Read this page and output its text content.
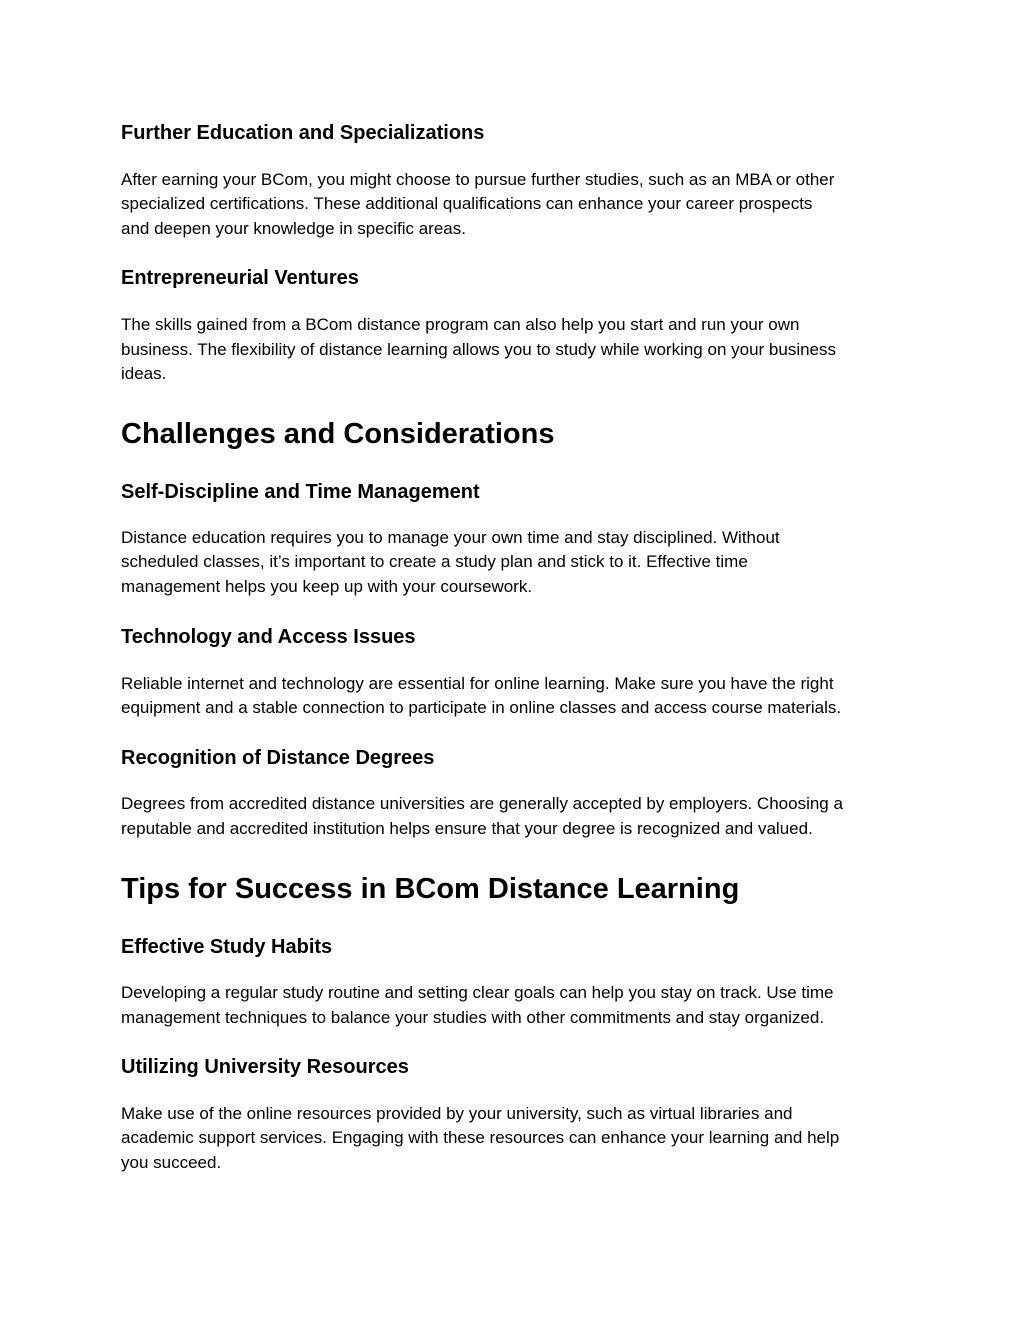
Further Education and Specializations
After earning your BCom, you might choose to pursue further studies, such as an MBA or other
specialized certifications. These additional qualifications can enhance your career prospects
and deepen your knowledge in specific areas.
Entrepreneurial Ventures
The skills gained from a BCom distance program can also help you start and run your own
business. The flexibility of distance learning allows you to study while working on your business
ideas.
Challenges and Considerations
Self-Discipline and Time Management
Distance education requires you to manage your own time and stay disciplined. Without
scheduled classes, it’s important to create a study plan and stick to it. Effective time
management helps you keep up with your coursework.
Technology and Access Issues
Reliable internet and technology are essential for online learning. Make sure you have the right
equipment and a stable connection to participate in online classes and access course materials.
Recognition of Distance Degrees
Degrees from accredited distance universities are generally accepted by employers. Choosing a
reputable and accredited institution helps ensure that your degree is recognized and valued.
Tips for Success in BCom Distance Learning
Effective Study Habits
Developing a regular study routine and setting clear goals can help you stay on track. Use time
management techniques to balance your studies with other commitments and stay organized.
Utilizing University Resources
Make use of the online resources provided by your university, such as virtual libraries and
academic support services. Engaging with these resources can enhance your learning and help
you succeed.
